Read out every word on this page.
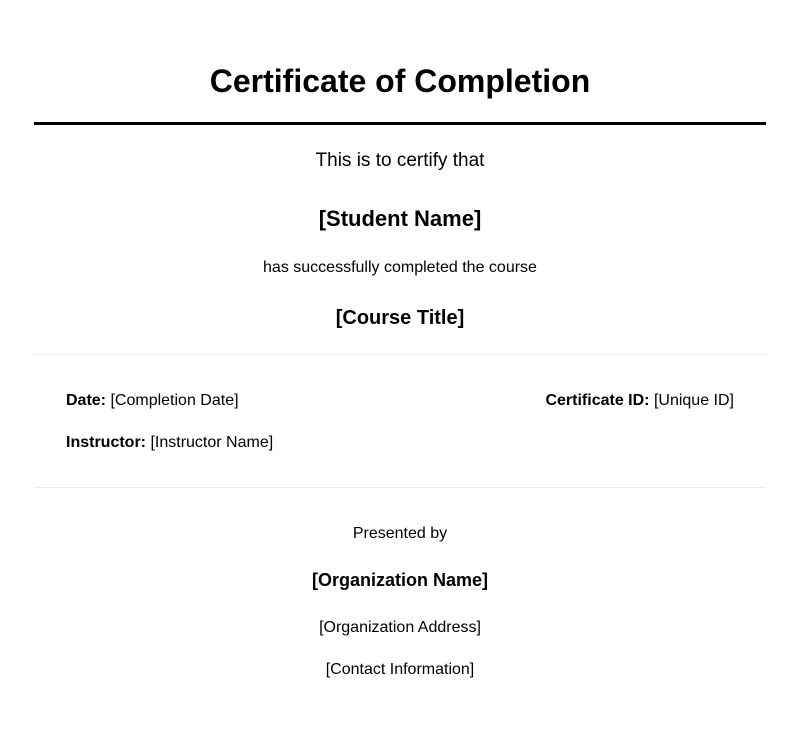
Certificate of Completion
This is to certify that
[Student Name]
has successfully completed the course
[Course Title]
Date: [Completion Date]
Instructor: [Instructor Name]
Certificate ID: [Unique ID]
Presented by
[Organization Name]
[Organization Address]
[Contact Information]
